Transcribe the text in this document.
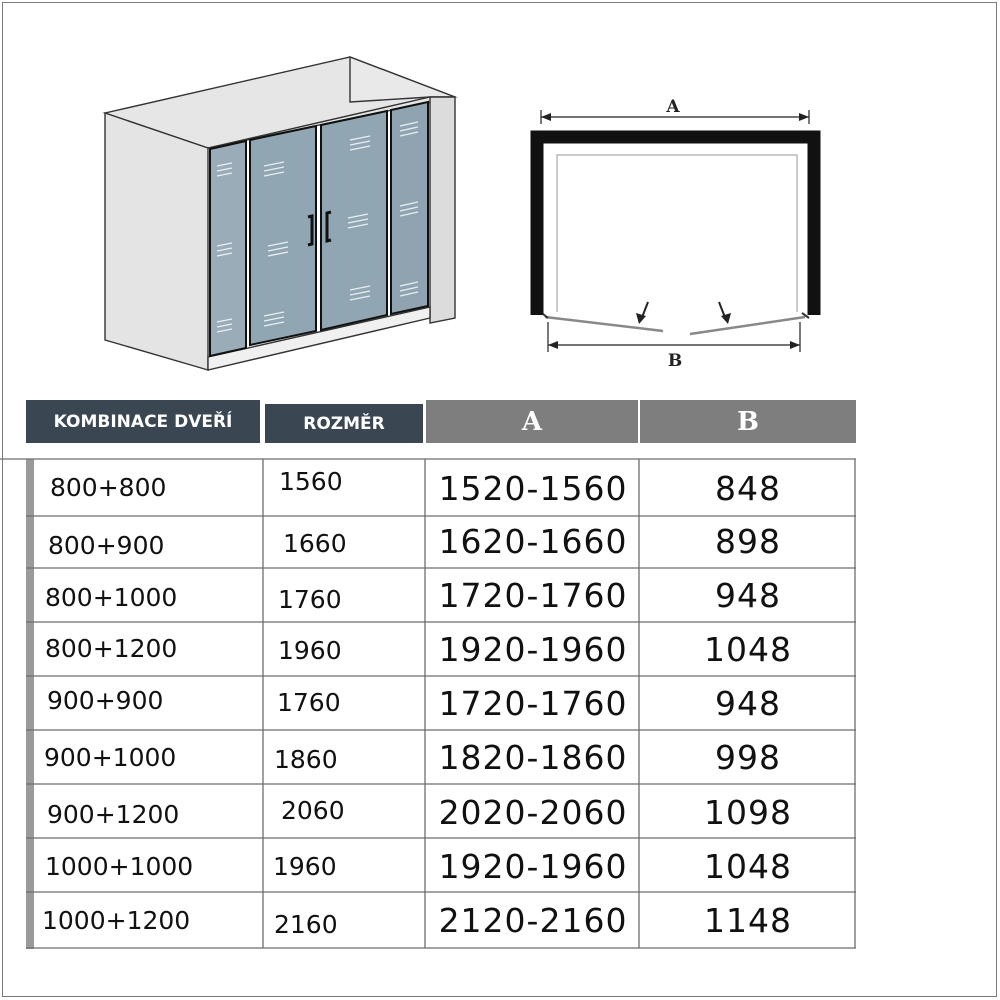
A
B
KOMBINACE DVEŘÍ	ROZMĚR	A	B
800+800	1560	1520-1560	848
800+900	1660	1620-1660	898
800+1000	1760	1720-1760	948
800+1200	1960	1920-1960 1048
900+900	1760	1720-1760	948
900+1000	1860	1820-1860	998
900+1200	2060	2020-2060 1098
1000+1000	1960	1920-1960 1048
1000+1200	2160	2120-2160 1148
